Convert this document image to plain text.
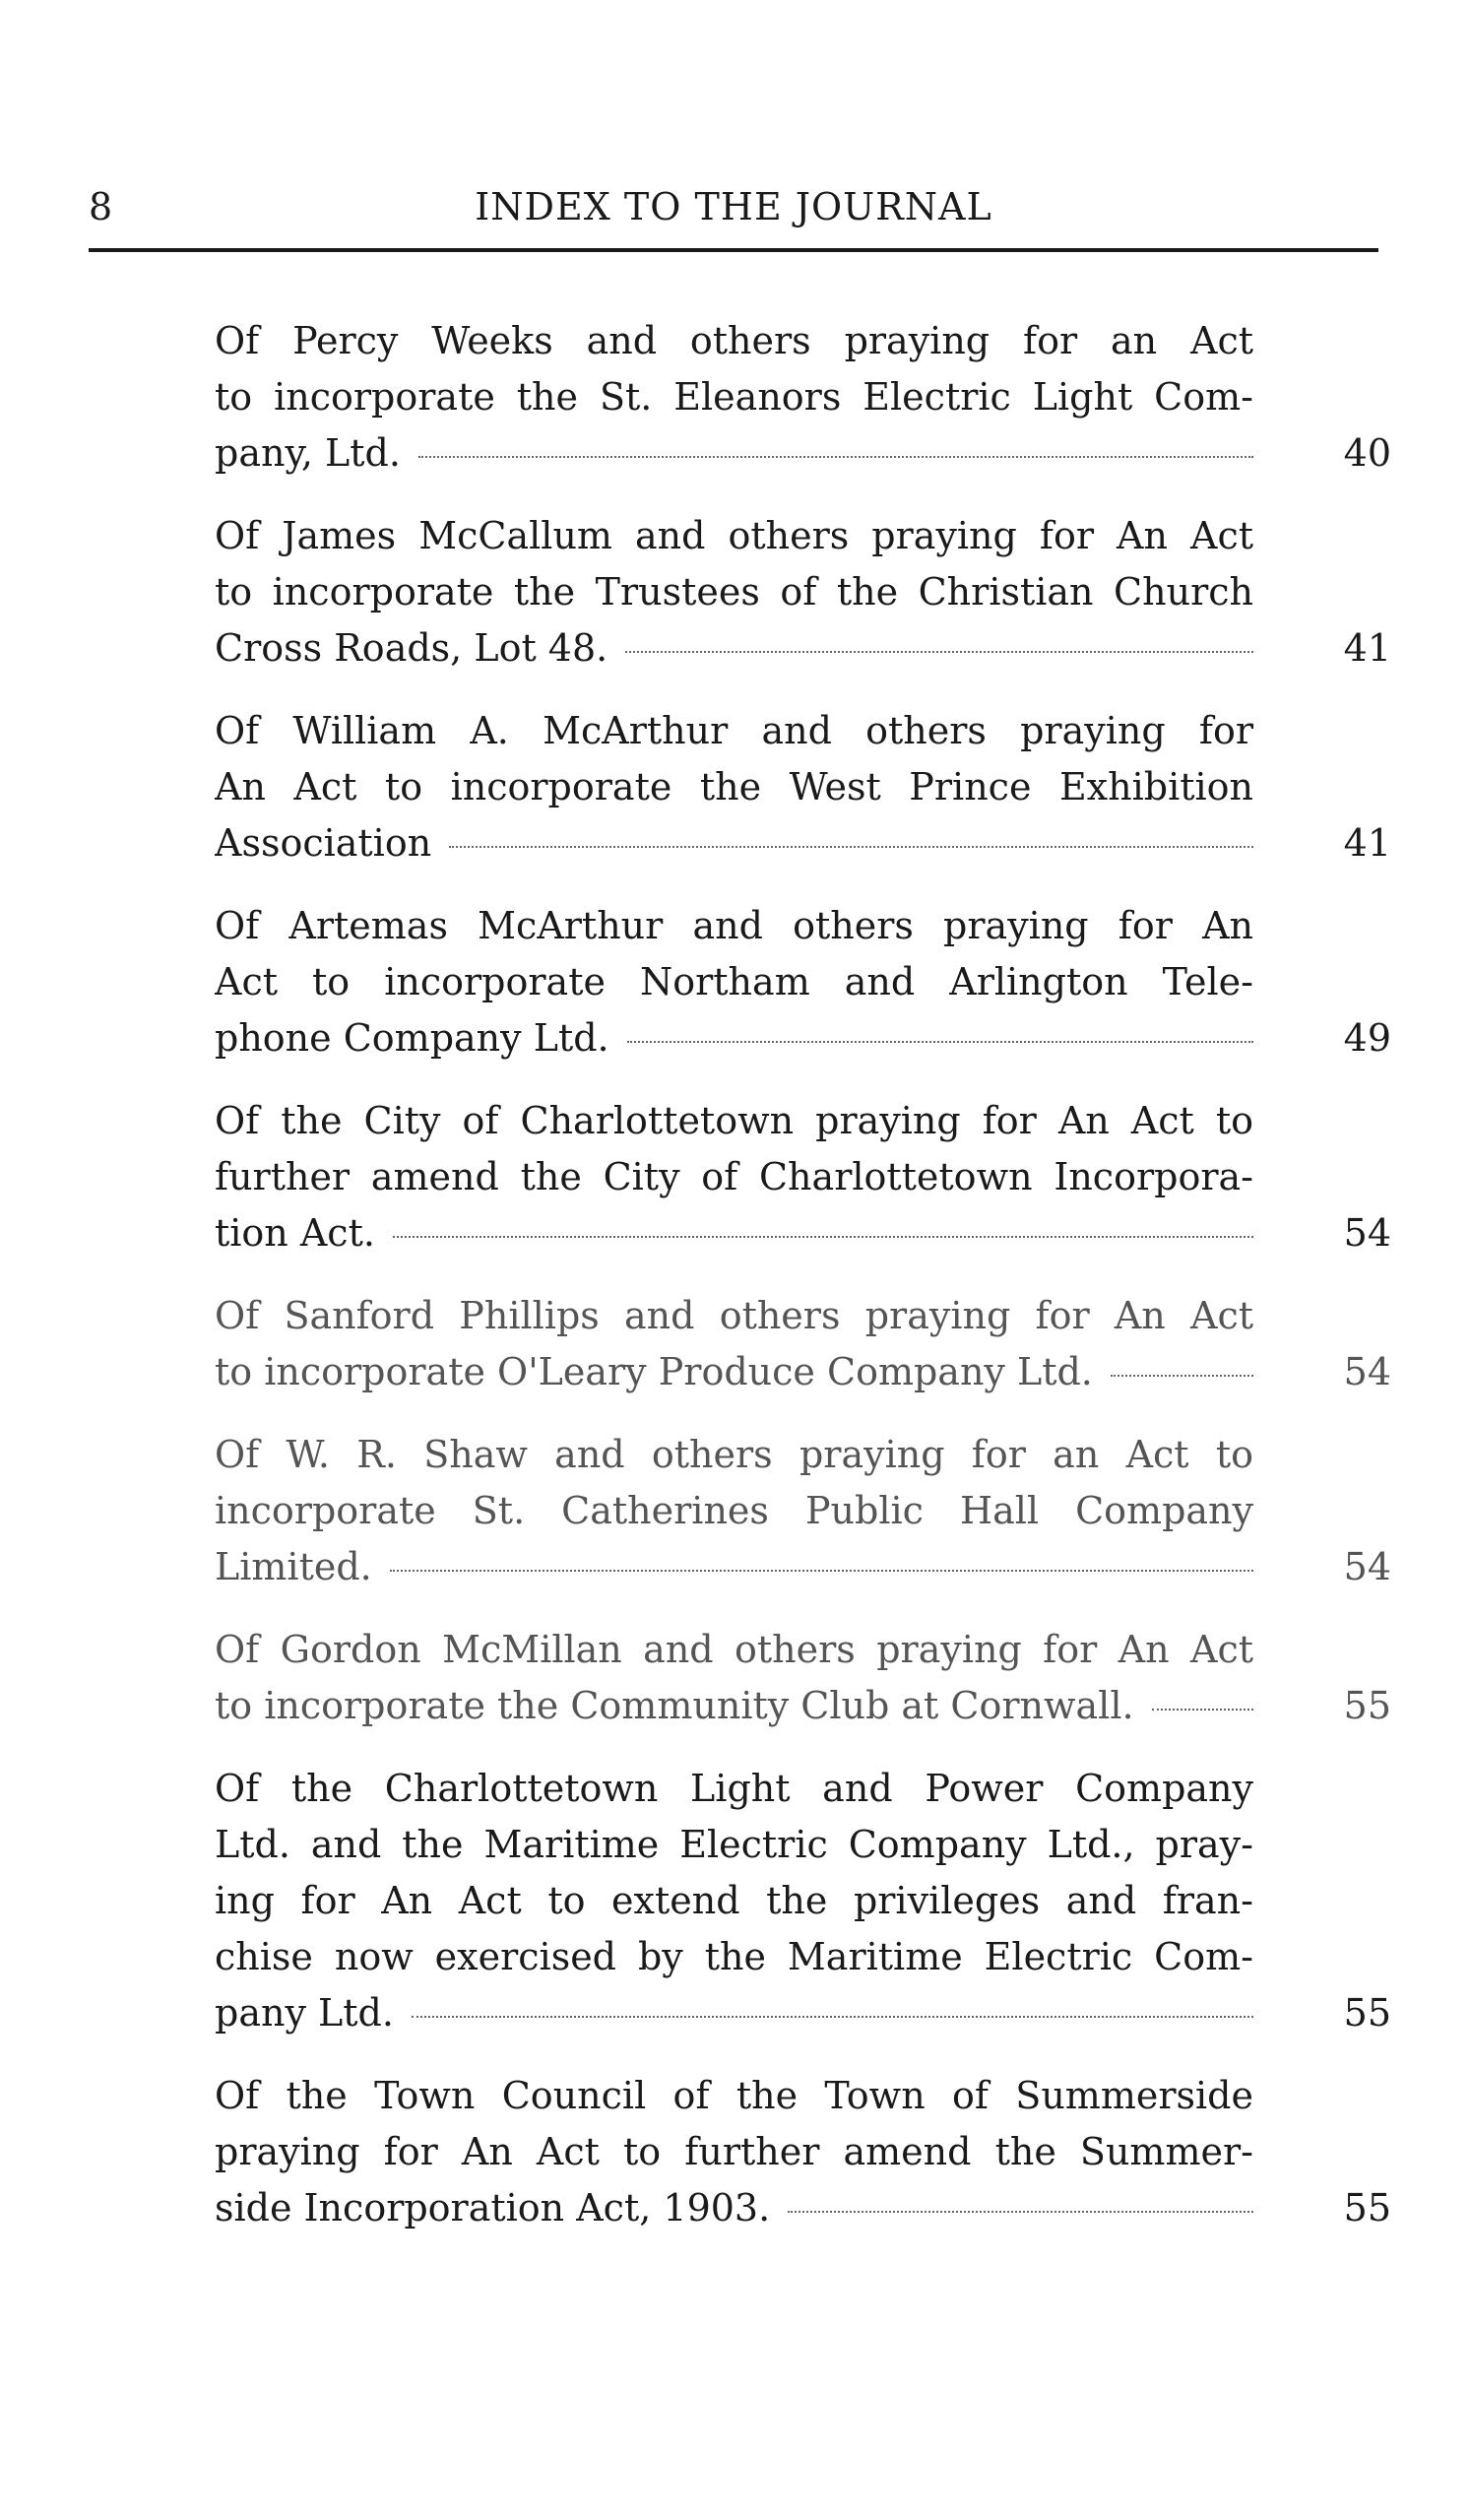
8	INDEX TO THE JOURNAL
Of Percy Weeks and others praying for an Act
to incorporate the St. Eleanors Electric Light Com-
pany, Ltd.	40
Of James McCallum and others praying for An Act
to incorporate the Trustees of the Christian Church
Cross Roads, Lot 48.	41
Of William A. McArthur and others praying for
An Act to incorporate the West Prince Exhibition
Association	41
Of Artemas McArthur and others praying for An
Act to incorporate Northam and Arlington Tele-
phone Company Ltd.	49
Of the City of Charlottetown praying for An Act to
further amend the City of Charlottetown Incorpora-
tion Act.	54
Of Sanford Phillips and others praying for An Act
to incorporate O'Leary Produce Company Ltd.	54
Of W. R. Shaw and others praying for an Act to
incorporate St. Catherines Public Hall Company
Limited.	54
Of Gordon McMillan and others praying for An Act
to incorporate the Community Club at Cornwall.	55
Of the Charlottetown Light and Power Company
Ltd. and the Maritime Electric Company Ltd., pray-
ing for An Act to extend the privileges and fran-
chise now exercised by the Maritime Electric Com-
pany Ltd.	55
Of the Town Council of the Town of Summerside
praying for An Act to further amend the Summer-
side Incorporation Act, 1903.	55
